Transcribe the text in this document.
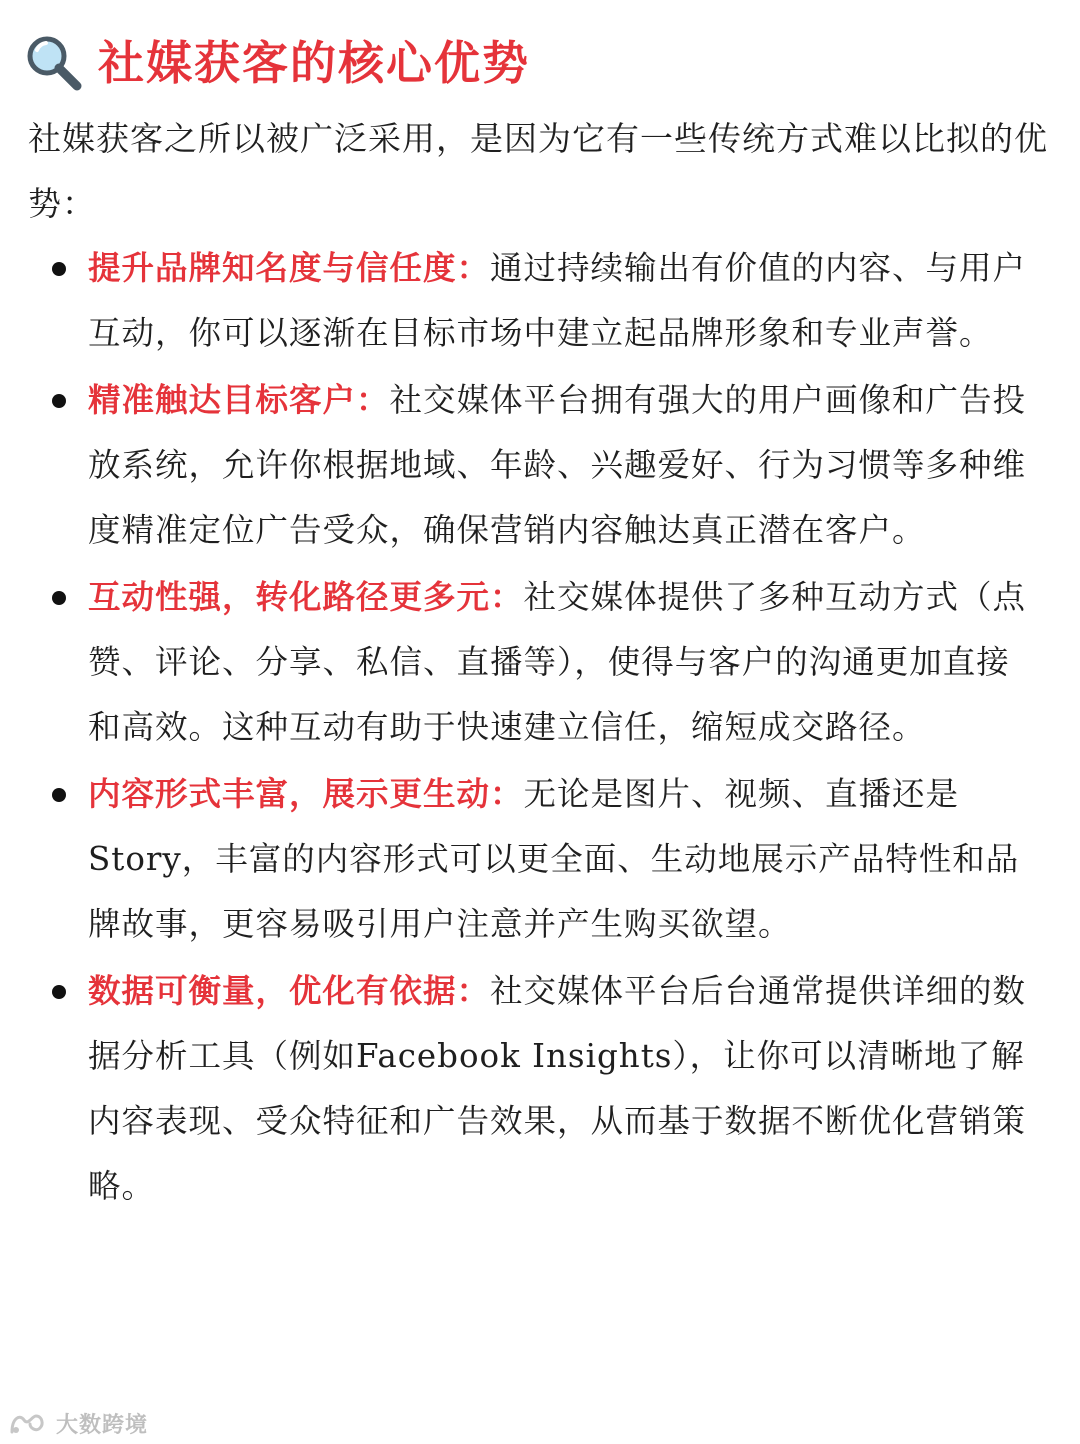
社媒获客的核心优势

社媒获客之所以被广泛采用，是因为它有一些传统方式难以比拟的优势：

提升品牌知名度与信任度：通过持续输出有价值的内容、与用户互动，你可以逐渐在目标市场中建立起品牌形象和专业声誉。
精准触达目标客户：社交媒体平台拥有强大的用户画像和广告投放系统，允许你根据地域、年龄、兴趣爱好、行为习惯等多种维度精准定位广告受众，确保营销内容触达真正潜在客户。
互动性强，转化路径更多元：社交媒体提供了多种互动方式（点赞、评论、分享、私信、直播等），使得与客户的沟通更加直接和高效。这种互动有助于快速建立信任，缩短成交路径。
内容形式丰富，展示更生动：无论是图片、视频、直播还是Story，丰富的内容形式可以更全面、生动地展示产品特性和品牌故事，更容易吸引用户注意并产生购买欲望。
数据可衡量，优化有依据：社交媒体平台后台通常提供详细的数据分析工具（例如Facebook Insights），让你可以清晰地了解内容表现、受众特征和广告效果，从而基于数据不断优化营销策略。
大数跨境
